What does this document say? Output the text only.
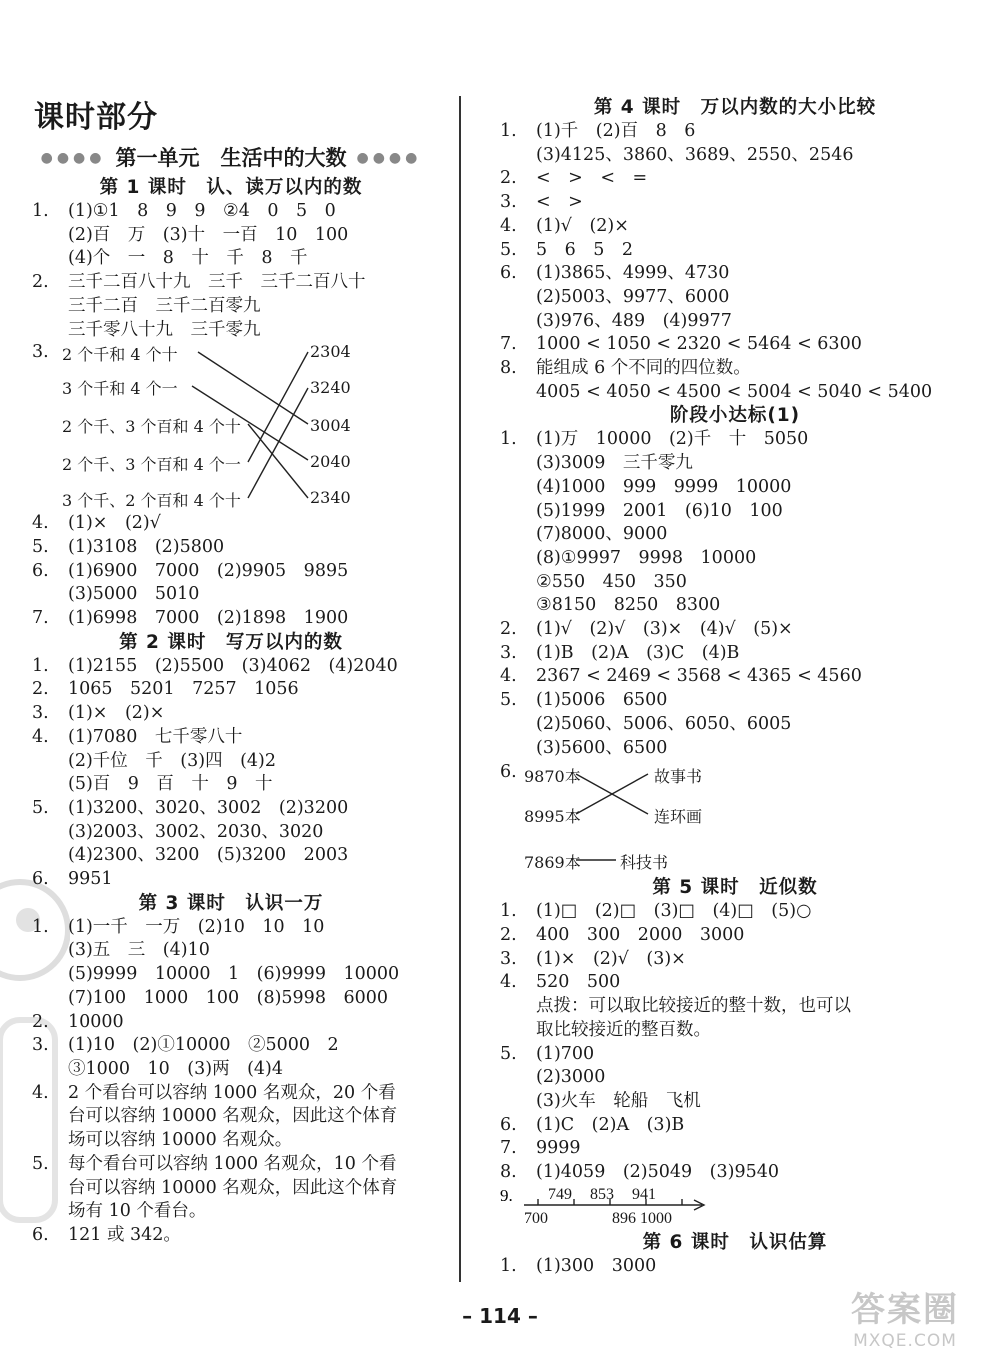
课时部分
●●●● 第一单元　生活中的大数 ●●●●
第 1 课时　认、读万以内的数
1.	(1)①1　8　9　9　②4　0　5　0
(2)百　万　(3)十　一百　10　100
(4)个　一　8　十　千　8　千
2.	三千二百八十九　三千　三千二百八十
三千二百　三千二百零九
三千零八十九　三千零九
3. 2 个千和 4 个十
3 个千和 4 个一
2 个千、3 个百和 4 个十
2 个千、3 个百和 4 个一
3 个千、2 个百和 4 个十
2304
3240
3004
2040
2340
4.	(1)×　(2)√
5.	(1)3108　(2)5800
6.	(1)6900　7000　(2)9905　9895
(3)5000　5010
7.	(1)6998　7000　(2)1898　1900
第 2 课时　写万以内的数
1.	(1)2155　(2)5500　(3)4062　(4)2040
2.	1065　5201　7257　1056
3.	(1)×　(2)×
4.	(1)7080　七千零八十
(2)千位　千　(3)四　(4)2
(5)百　9　百　十　9　十
5.	(1)3200、3020、3002　(2)3200
(3)2003、3002、2030、3020
(4)2300、3200　(5)3200　2003
6.	9951
第 3 课时　认识一万
1.	(1)一千　一万　(2)10　10　10
(3)五　三　(4)10
(5)9999　10000　1　(6)9999　10000
(7)100　1000　100　(8)5998　6000
2.	10000
3.	(1)10　(2)①10000　②5000　2
③1000　10　(3)两　(4)4
4.	2 个看台可以容纳 1000 名观众，20 个看
台可以容纳 10000 名观众，因此这个体育
场可以容纳 10000 名观众。
5.	每个看台可以容纳 1000 名观众，10 个看
台可以容纳 10000 名观众，因此这个体育
场有 10 个看台。
6.	121 或 342。
第 4 课时　万以内数的大小比较
1.	(1)千　(2)百　8　6
(3)4125、3860、3689、2550、2546
2.	<　>　<　=
3.	<　>
4.	(1)√　(2)×
5.	5　6　5　2
6.	(1)3865、4999、4730
(2)5003、9977、6000
(3)976、489　(4)9977
7.	1000 < 1050 < 2320 < 5464 < 6300
8.	能组成 6 个不同的四位数。
4005 < 4050 < 4500 < 5004 < 5040 < 5400
阶段小达标(1)
1.	(1)万　10000　(2)千　十　5050
(3)3009　三千零九
(4)1000　999　9999　10000
(5)1999　2001　(6)10　100
(7)8000、9000
(8)①9997　9998　10000
②550　450　350
③8150　8250　8300
2.	(1)√　(2)√　(3)×　(4)√　(5)×
3.	(1)B　(2)A　(3)C　(4)B
4.	2367 < 2469 < 3568 < 4365 < 4560
5.	(1)5006　6500
(2)5060、5006、6050、6005
(3)5600、6500
6. 9870本
8995本
7869本
故事书
连环画
科技书
第 5 课时　近似数
1.	(1)□　(2)□　(3)□　(4)□　(5)○
2.	400　300　2000　3000
3.	(1)×　(2)√　(3)×
4.	520　500
点拨：可以取比较接近的整十数，也可以
取比较接近的整百数。
5.	(1)700
(2)3000
(3)火车　轮船　飞机
6.	(1)C　(2)A　(3)B
7.	9999
8.	(1)4059　(2)5049　(3)9540
9. 749 853 941
700	896 1000
第 6 课时　认识估算
1.	(1)300　3000
– 114 –	答案圈
MXQE.COM
